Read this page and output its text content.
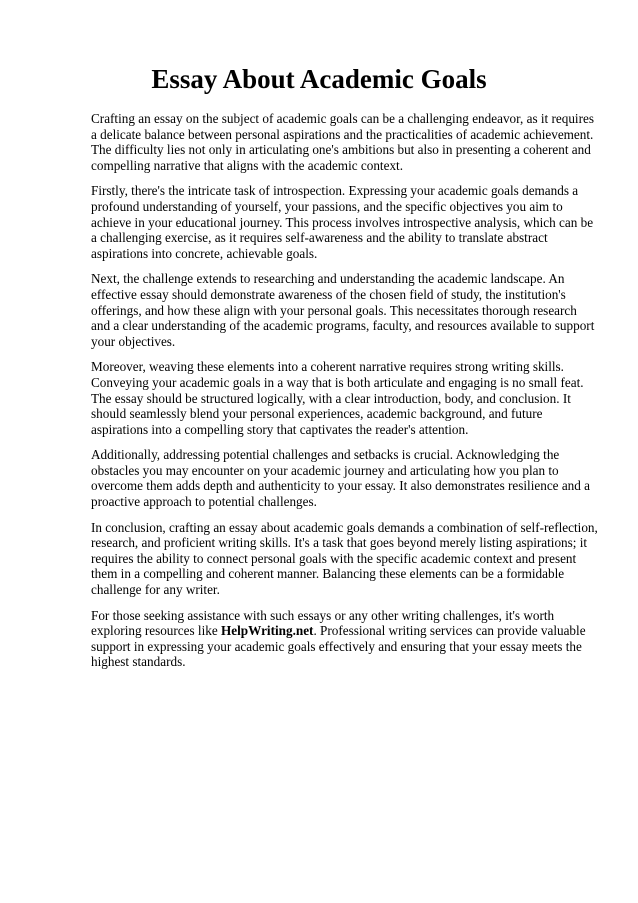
Essay About Academic Goals

Crafting an essay on the subject of academic goals can be a challenging endeavor, as it requires a delicate balance between personal aspirations and the practicalities of academic achievement. The difficulty lies not only in articulating one's ambitions but also in presenting a coherent and compelling narrative that aligns with the academic context.

Firstly, there's the intricate task of introspection. Expressing your academic goals demands a profound understanding of yourself, your passions, and the specific objectives you aim to achieve in your educational journey. This process involves introspective analysis, which can be a challenging exercise, as it requires self-awareness and the ability to translate abstract aspirations into concrete, achievable goals.

Next, the challenge extends to researching and understanding the academic landscape. An effective essay should demonstrate awareness of the chosen field of study, the institution's offerings, and how these align with your personal goals. This necessitates thorough research and a clear understanding of the academic programs, faculty, and resources available to support your objectives.

Moreover, weaving these elements into a coherent narrative requires strong writing skills. Conveying your academic goals in a way that is both articulate and engaging is no small feat. The essay should be structured logically, with a clear introduction, body, and conclusion. It should seamlessly blend your personal experiences, academic background, and future aspirations into a compelling story that captivates the reader's attention.

Additionally, addressing potential challenges and setbacks is crucial. Acknowledging the obstacles you may encounter on your academic journey and articulating how you plan to overcome them adds depth and authenticity to your essay. It also demonstrates resilience and a proactive approach to potential challenges.

In conclusion, crafting an essay about academic goals demands a combination of self-reflection, research, and proficient writing skills. It's a task that goes beyond merely listing aspirations; it requires the ability to connect personal goals with the specific academic context and present them in a compelling and coherent manner. Balancing these elements can be a formidable challenge for any writer.

For those seeking assistance with such essays or any other writing challenges, it's worth exploring resources like HelpWriting.net. Professional writing services can provide valuable support in expressing your academic goals effectively and ensuring that your essay meets the highest standards.
